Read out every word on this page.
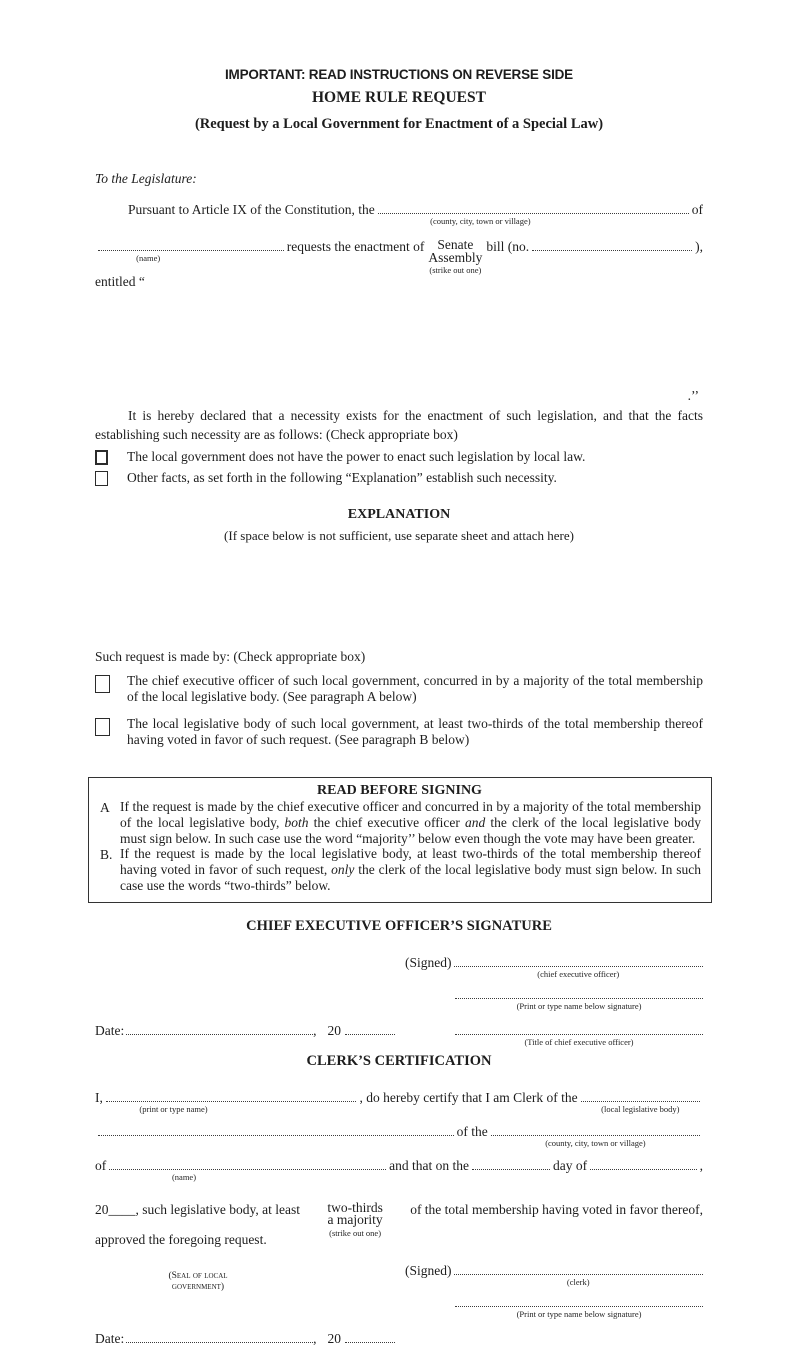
IMPORTANT: READ INSTRUCTIONS ON REVERSE SIDE
HOME RULE REQUEST
(Request by a Local Government for Enactment of a Special Law)
To the Legislature:
Pursuant to Article IX of the Constitution, the
(county, city, town or village)
of
(name)
requests the enactment of Senate
Assembly
(strike out one)
bill (no.	),
entitled “
.’’
It is hereby declared that a necessity exists for the enactment of such legislation, and that the facts establishing such necessity are as follows: (Check appropriate box)
The local government does not have the power to enact such legislation by local law.
Other facts, as set forth in the following “Explanation” establish such necessity.
EXPLANATION
(If space below is not sufficient, use separate sheet and attach here)
Such request is made by: (Check appropriate box)
The chief executive officer of such local government, concurred in by a majority of the total membership of the local legislative body. (See paragraph A below)
The local legislative body of such local government, at least two-thirds of the total membership thereof having voted in favor of such request. (See paragraph B below)
READ BEFORE SIGNING
A If the request is made by the chief executive officer and concurred in by a majority of the total membership of the local legislative body, both the chief executive officer and the clerk of the local legislative body must sign below. In such case use the word “majority’’ below even though the vote may have been greater.
B. If the request is made by the local legislative body, at least two-thirds of the total membership thereof having voted in favor of such request, only the clerk of the local legislative body must sign below. In such case use the words “two-thirds” below.
CHIEF EXECUTIVE OFFICER’S SIGNATURE
(Signed)
(chief executive officer)
(Print or type name below signature)
Date:	, 20
(Title of chief executive officer)
CLERK’S CERTIFICATION
I,
(print or type name)
, do hereby certify that I am Clerk of the
(local legislative body)
of the
(county, city, town or village)
of
(name)
and that on the	day of	,
20____, such legislative body, at least two-thirds
a majority
(strike out one)
of the total membership having voted in favor thereof,
approved the foregoing request.
(Seal of local
government)
(Signed)
(clerk)
(Print or type name below signature)
Date:	, 20
